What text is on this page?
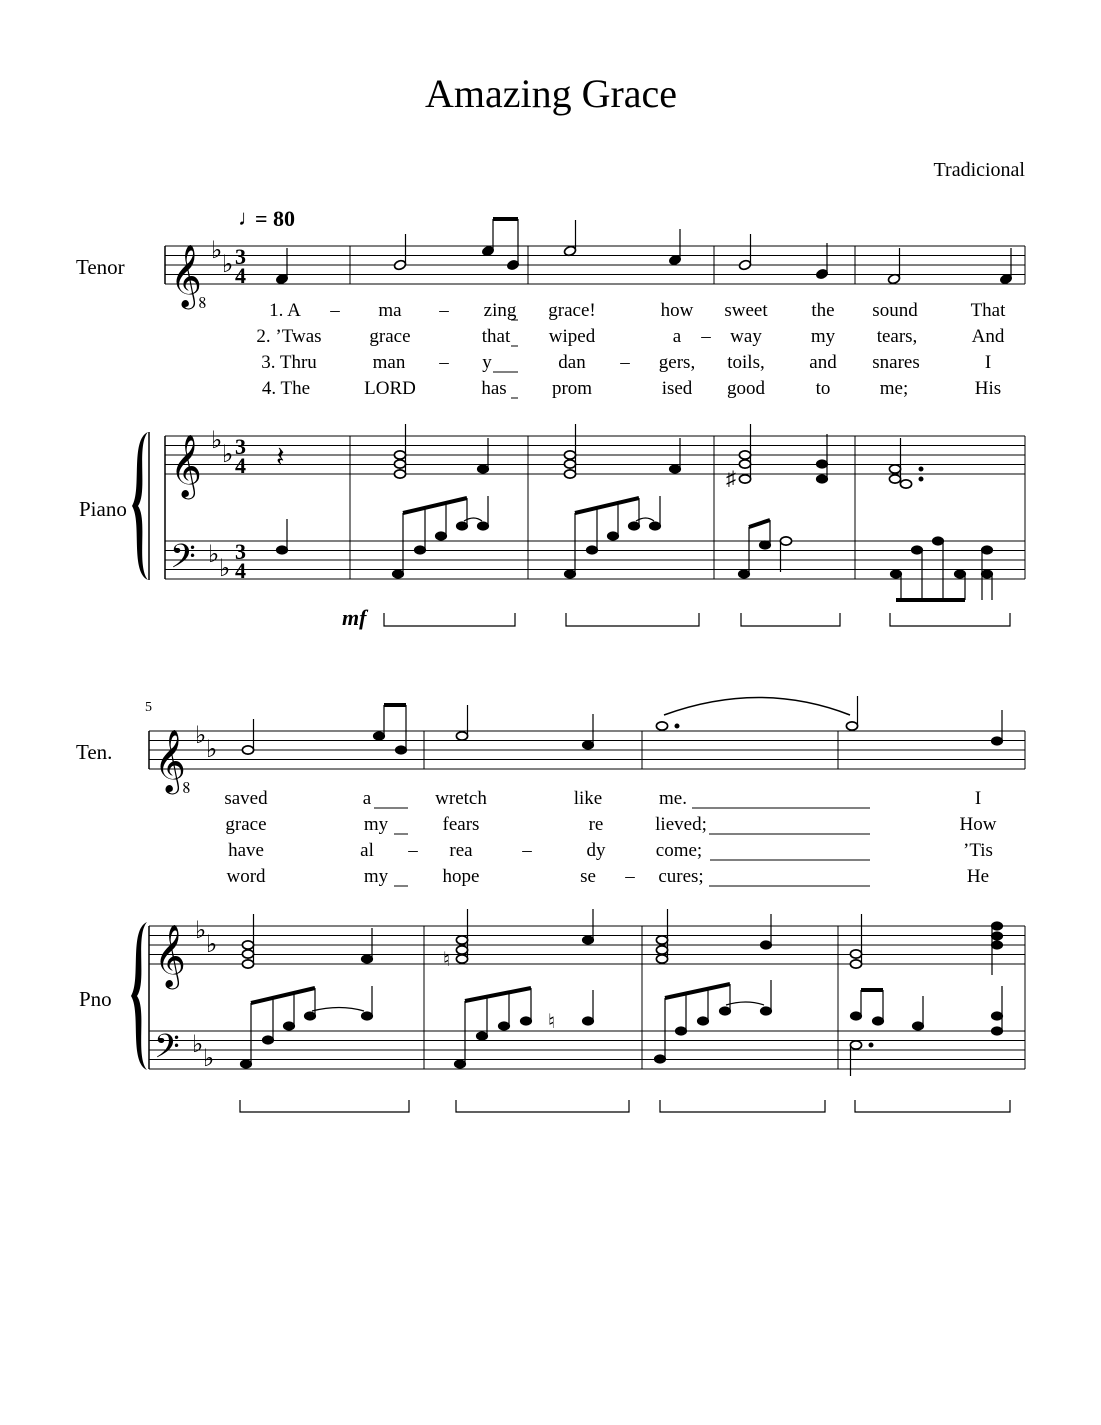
Amazing Grace
Tradicional
♩
= 80
Tenor
Piano
𝄠 ♭
♭ 3
4
1. A – ma – zing grace!	how sweet the sound	That
2. ’Twas	grace	that wiped	a – way	my tears,	And
3. Thru	man – y	dan – gers, toils, and snares	I
4. The	LORD	has prom	ised good	to	me;	His
𝄞
𝄢
♭
♭
♭
♭
3
4
3
4
𝄽
♯
mf
5
Ten.
Pno
𝄠 ♭
♭
saved	a	wretch	like	me.	I
grace	my	fears	re	lieved;	How
have	al – rea	–	dy	come;	’Tis
word	my	hope	se – cures;	He
𝄞
𝄢
♭
♭
♭
♭
♮
♮
